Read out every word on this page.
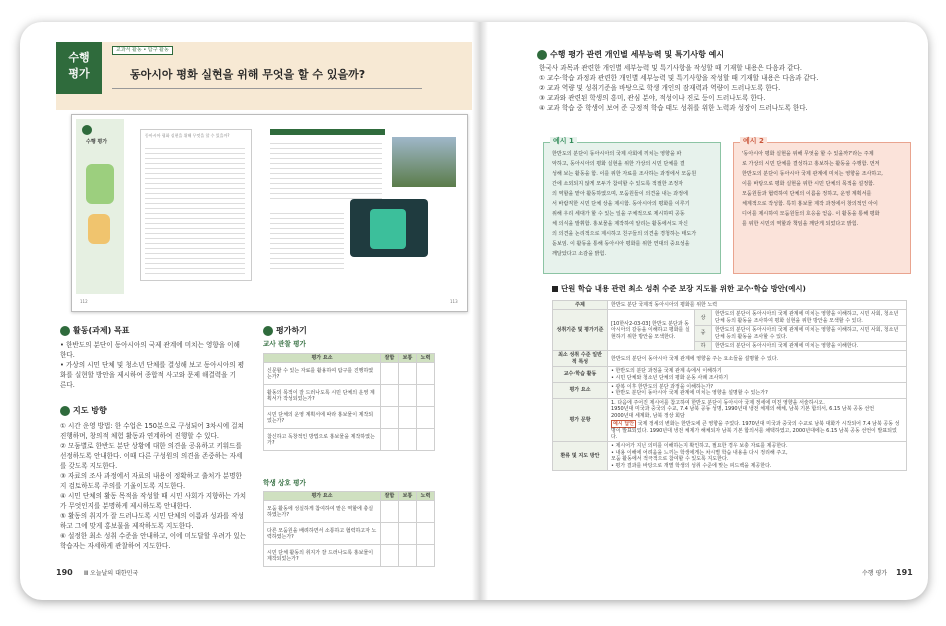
수행
평가
교과서 활동 • 탐구 활동
동아시아 평화 실현을 위해 무엇을 할 수 있을까?
수행 평가
동아시아 평화 실현을 위해 무엇을 할 수 있을까?
112	113
활동(과제) 목표
• 한반도의 분단이 동아시아의 국제 관계에 미치는 영향을 이해
한다.
• 가상의 시민 단체 및 청소년 단체를 결성해 보고 동아시아의 평
화를 실현할 방안을 제시하여 종합적 사고와 문제 해결력을 기
른다.
지도 방향
① 시간 운영 방법: 한 수업은 150분으로 구성되어 3차시에 걸쳐
진행하며, 창의적 체험 활동과 연계하여 진행할 수 있다.
② 모둠별로 한반도 분단 상황에 대한 의견을 공유하고 키워드를
선정하도록 안내한다. 이때 다른 구성원의 의견을 존중하는 자세
를 갖도록 지도한다.
③ 자료의 조사 과정에서 자료의 내용이 정확하고 출처가 분명한
지 검토하도록 주의를 기울이도록 지도한다.
④ 시민 단체의 활동 목적을 작성할 때 시민 사회가 지향하는 가치
가 무엇인지를 분명하게 제시하도록 안내한다.
⑤ 활동의 취지가 잘 드러나도록 시민 단체의 이름과 성과를 작성
하고 그에 맞게 홍보물을 제작하도록 지도한다.
⑥ 설정한 최소 성취 수준을 안내하고, 이에 미도달할 우려가 있는
학습자는 자세하게 관찰하여 지도한다.
평가하기
교사 관찰 평가
평가 요소	잘함	보통	노력
신문할 수 있는 자료를 활용하여 탐구를 진행하였는가?			
활동의 목적이 잘 드러나도록 시민 단체의 운영 계획서가 작성되었는가?			
시민 단체의 운영 계획서에 따라 홍보물이 제작되었는가?			
참신하고 독창적인 방법으로 홍보물을 제작하였는가?			
학생 상호 평가
평가 요소	잘함	보통	노력
모둠 활동에 성실하게 참여하여 맡은 역할에 충실하였는가?			
다른 모둠원을 배려하면서 소통하고 협력하고자 노력하였는가?			
시민 단체 활동의 취지가 잘 드러나도록 홍보물이 제작되었는가?			
190 Ⅲ 오늘날의 대한민국
수행 평가 관련 개인별 세부능력 및 특기사항 예시
한국사 과목과 관련한 개인별 세부능력 및 특기사항을 작성할 때 기재할 내용은 다음과 같다.
① 교수·학습 과정과 관련한 개인별 세부능력 및 특기사항을 작성할 때 기재할 내용은 다음과 같다.
② 교과 역량 및 성취기준을 바탕으로 학생 개인의 잠재력과 역량이 드러나도록 한다.
③ 교과와 관련된 학생의 흥미, 관심 분야, 적성이나 진로 등이 드러나도록 한다.
④ 교과 학습 중 학생이 보여 준 긍정적 학습 태도 성취를 위한 노력과 성장이 드러나도록 한다.
예시 1
한반도의 분단이 동아시아의 국제 사회에 끼치는 영향을 파
악하고, 동아시아의 평화 실현을 위한 가상의 시민 단체를 결
성해 보는 활동을 함. 이를 위한 자료를 조사하는 과정에서 모둠원
간에 소외되지 않게 모두가 참여할 수 있도록 적절한 조정자
의 역할을 맡아 활동하였으며, 모둠원들이 의견을 내는 과정에
서 바람직한 시민 단체 상을 제시함. 동아시아의 평화를 이루기
위해 우리 세대가 할 수 있는 일을 구체적으로 제시하며 공동
체 의식을 발휘함. 홍보물을 제작하여 알리는 활동에서도 자신
의 의견을 논리적으로 제시하고 친구들의 의견을 경청하는 태도가
돋보임. 이 활동을 통해 동아시아 평화를 위한 연대의 중요성을
깨달았다고 소감을 밝힘.
예시 2
'동아시아 평화 실현을 위해 무엇을 할 수 있을까?'라는 주제
로 가상의 시민 단체를 결성하고 홍보하는 활동을 수행함. 먼저
한반도의 분단이 동아시아 국제 관계에 미치는 영향을 조사하고,
이를 바탕으로 평화 실현을 위한 시민 단체의 목적을 설정함.
모둠원들과 협력하여 단체의 이름을 정하고, 운영 계획서를
체계적으로 작성함. 특히 홍보물 제작 과정에서 창의적인 아이
디어를 제시하여 모둠원들의 호응을 얻음. 이 활동을 통해 평화
를 위한 시민의 역할과 책임을 깨닫게 되었다고 밝힘.
단원 학습 내용 관련 최소 성취 수준 보장 지도를 위한 교수·학습 방안(예시)
주제	한반도 분단 국제적 동아시아의 평화를 위한 노력		
성취기준 및 평가기준	[10한사2-03-03] 한반도 분단과 동아시아의 갈등을 이해하고 평화를 실현하기 위한 방안을 모색한다.	상	한반도의 분단이 동아시아의 국제 관계에 미치는 영향을 이해하고, 시민 사회, 청소년 단체 등의 활동을 조사하여 평화 실현을 위한 방안을 모색할 수 있다.
		중	한반도의 분단이 동아시아의 국제 관계에 미치는 영향을 이해하고, 시민 사회, 청소년 단체 등의 활동을 조사할 수 있다.
		하	한반도의 분단이 동아시아의 국제 관계에 미치는 영향을 이해한다.
최소 성취 수준 일반적 특성	한반도의 분단이 동아시아 국제 관계에 영향을 주는 요소들을 설명할 수 있다.		
교수·학습 활동	• 한반도의 분단 과정을 국제 관계 속에서 이해하기
• 시민 단체와 청소년 단체의 평화 운동 사례 조사하기		

평가 요소	• 광복 이후 한반도의 분단 과정을 이해하는가?
• 한반도 분단이 동아시아 국제 관계에 미치는 영향을 설명할 수 있는가?		

평가 문항	1. 다음에 주어진 제시어를 참고하여 한반도 분단이 동아시아 국제 정세에 미친 영향을 서술하시오.
1950년대 미국과 중국의 수교, 7.4 남북 공동 성명, 1990년대 냉전 체제의 해체, 남북 기본 합의서, 6.15 남북 공동 선언
2000년대 세계화, 남북 정상 회담
예시 답안 국제 정세의 변화는 한반도에 큰 영향을 주었다. 1970년대 미국과 중국의 수교로 남북 대화가 시작되어 7.4 남북 공동 성명이 발표되었다. 1990년대 냉전 체제가 해체되자 남북 기본 합의서를 채택하였고, 2000년대에는 6.15 남북 공동 선언이 발표되었다.		

환류 및 지도 방안	• 제시어가 지닌 의미를 이해하는지 확인하고, 필요한 경우 보충 자료를 제공한다.
• 내용 이해에 어려움을 느끼는 학생에게는 차시별 학습 내용을 다시 정리해 주고,
모둠 활동에서 적극적으로 참여할 수 있도록 지도한다.
• 평가 결과를 바탕으로 개별 학생의 성취 수준에 맞는 피드백을 제공한다.		
수행 평가 191
